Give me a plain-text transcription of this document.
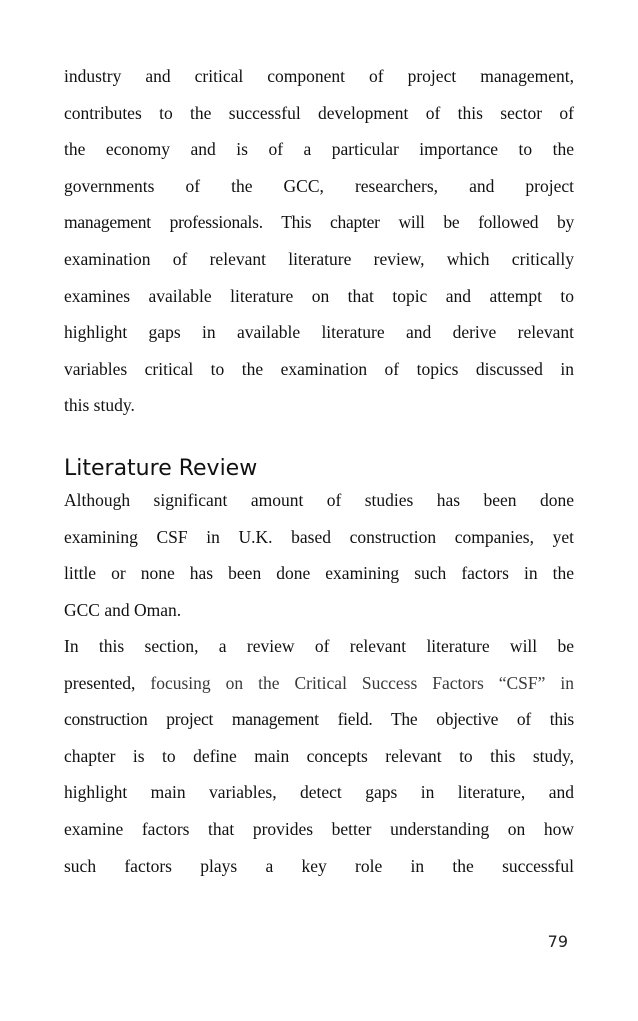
industry and critical component of project management,
contributes to the successful development of this sector of
the economy and is of a particular importance to the
governments of the GCC, researchers, and project
management professionals. This chapter will be followed by
examination of relevant literature review, which critically
examines available literature on that topic and attempt to
highlight gaps in available literature and derive relevant
variables critical to the examination of topics discussed in
this study.
Literature Review
Although significant amount of studies has been done
examining CSF in U.K. based construction companies, yet
little or none has been done examining such factors in the
GCC and Oman.
In this section, a review of relevant literature will be
presented, focusing on the Critical Success Factors “CSF” in
construction project management field. The objective of this
chapter is to define main concepts relevant to this study,
highlight main variables, detect gaps in literature, and
examine factors that provides better understanding on how
such factors plays a key role in the successful
79
